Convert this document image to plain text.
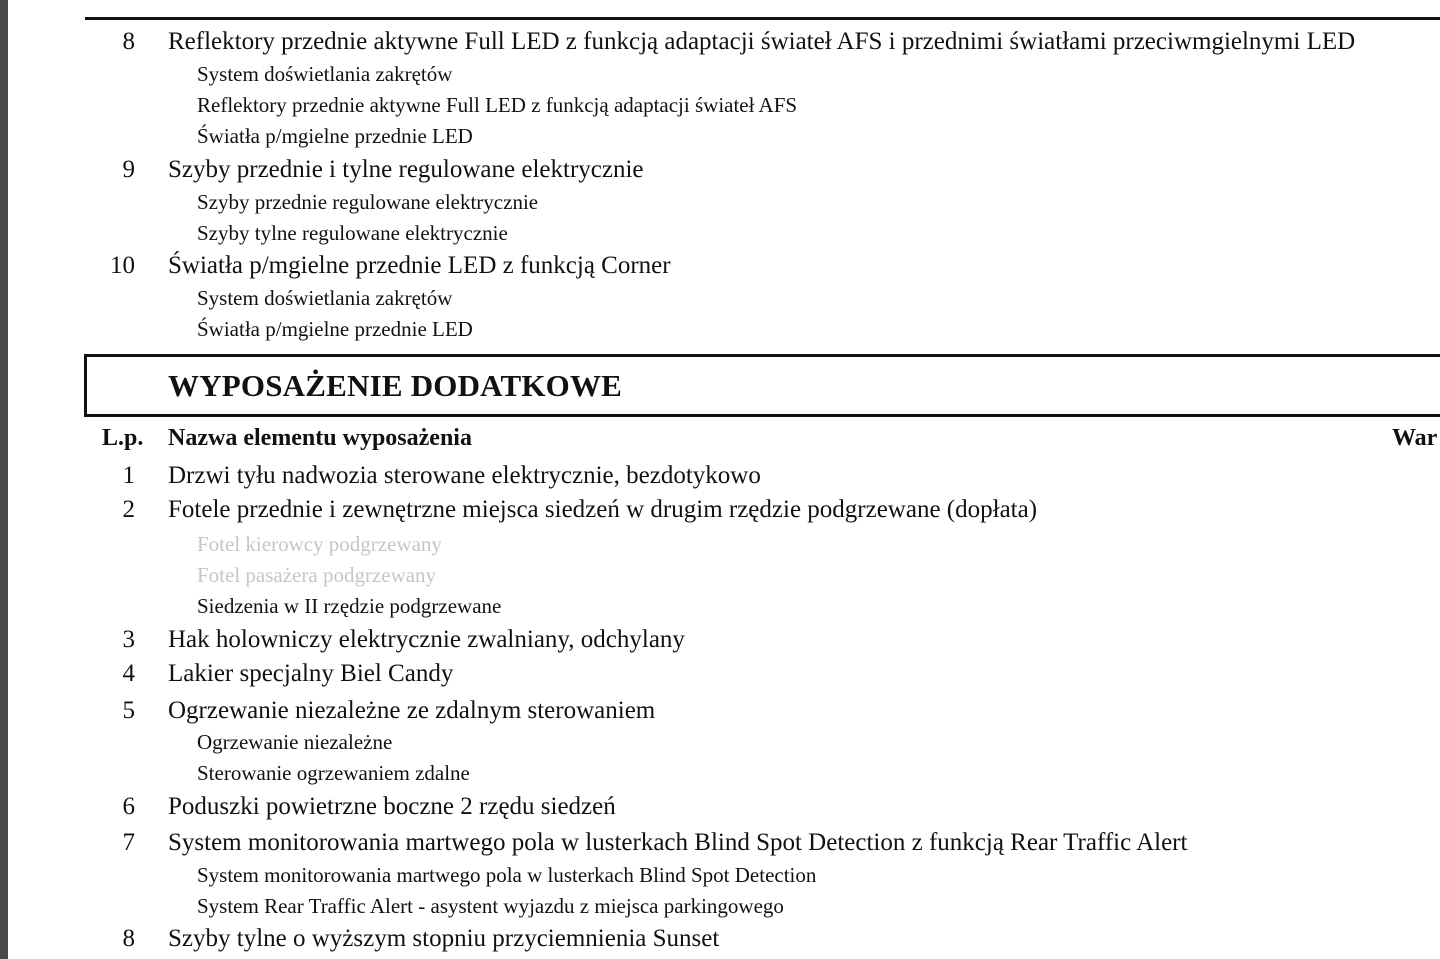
8 Reflektory przednie aktywne Full LED z funkcją adaptacji świateł AFS i przednimi światłami przeciwmgielnymi LED
System doświetlania zakrętów
Reflektory przednie aktywne Full LED z funkcją adaptacji świateł AFS
Światła p/mgielne przednie LED
9 Szyby przednie i tylne regulowane elektrycznie
Szyby przednie regulowane elektrycznie
Szyby tylne regulowane elektrycznie
10 Światła p/mgielne przednie LED z funkcją Corner
System doświetlania zakrętów
Światła p/mgielne przednie LED
WYPOSAŻENIE DODATKOWE
L.p. Nazwa elementu wyposażenia	War
1 Drzwi tyłu nadwozia sterowane elektrycznie, bezdotykowo
2 Fotele przednie i zewnętrzne miejsca siedzeń w drugim rzędzie podgrzewane (dopłata)
Fotel kierowcy podgrzewany
Fotel pasażera podgrzewany
Siedzenia w II rzędzie podgrzewane
3 Hak holowniczy elektrycznie zwalniany, odchylany
4 Lakier specjalny Biel Candy
5 Ogrzewanie niezależne ze zdalnym sterowaniem
Ogrzewanie niezależne
Sterowanie ogrzewaniem zdalne
6 Poduszki powietrzne boczne 2 rzędu siedzeń
7 System monitorowania martwego pola w lusterkach Blind Spot Detection z funkcją Rear Traffic Alert
System monitorowania martwego pola w lusterkach Blind Spot Detection
System Rear Traffic Alert - asystent wyjazdu z miejsca parkingowego
8 Szyby tylne o wyższym stopniu przyciemnienia Sunset
